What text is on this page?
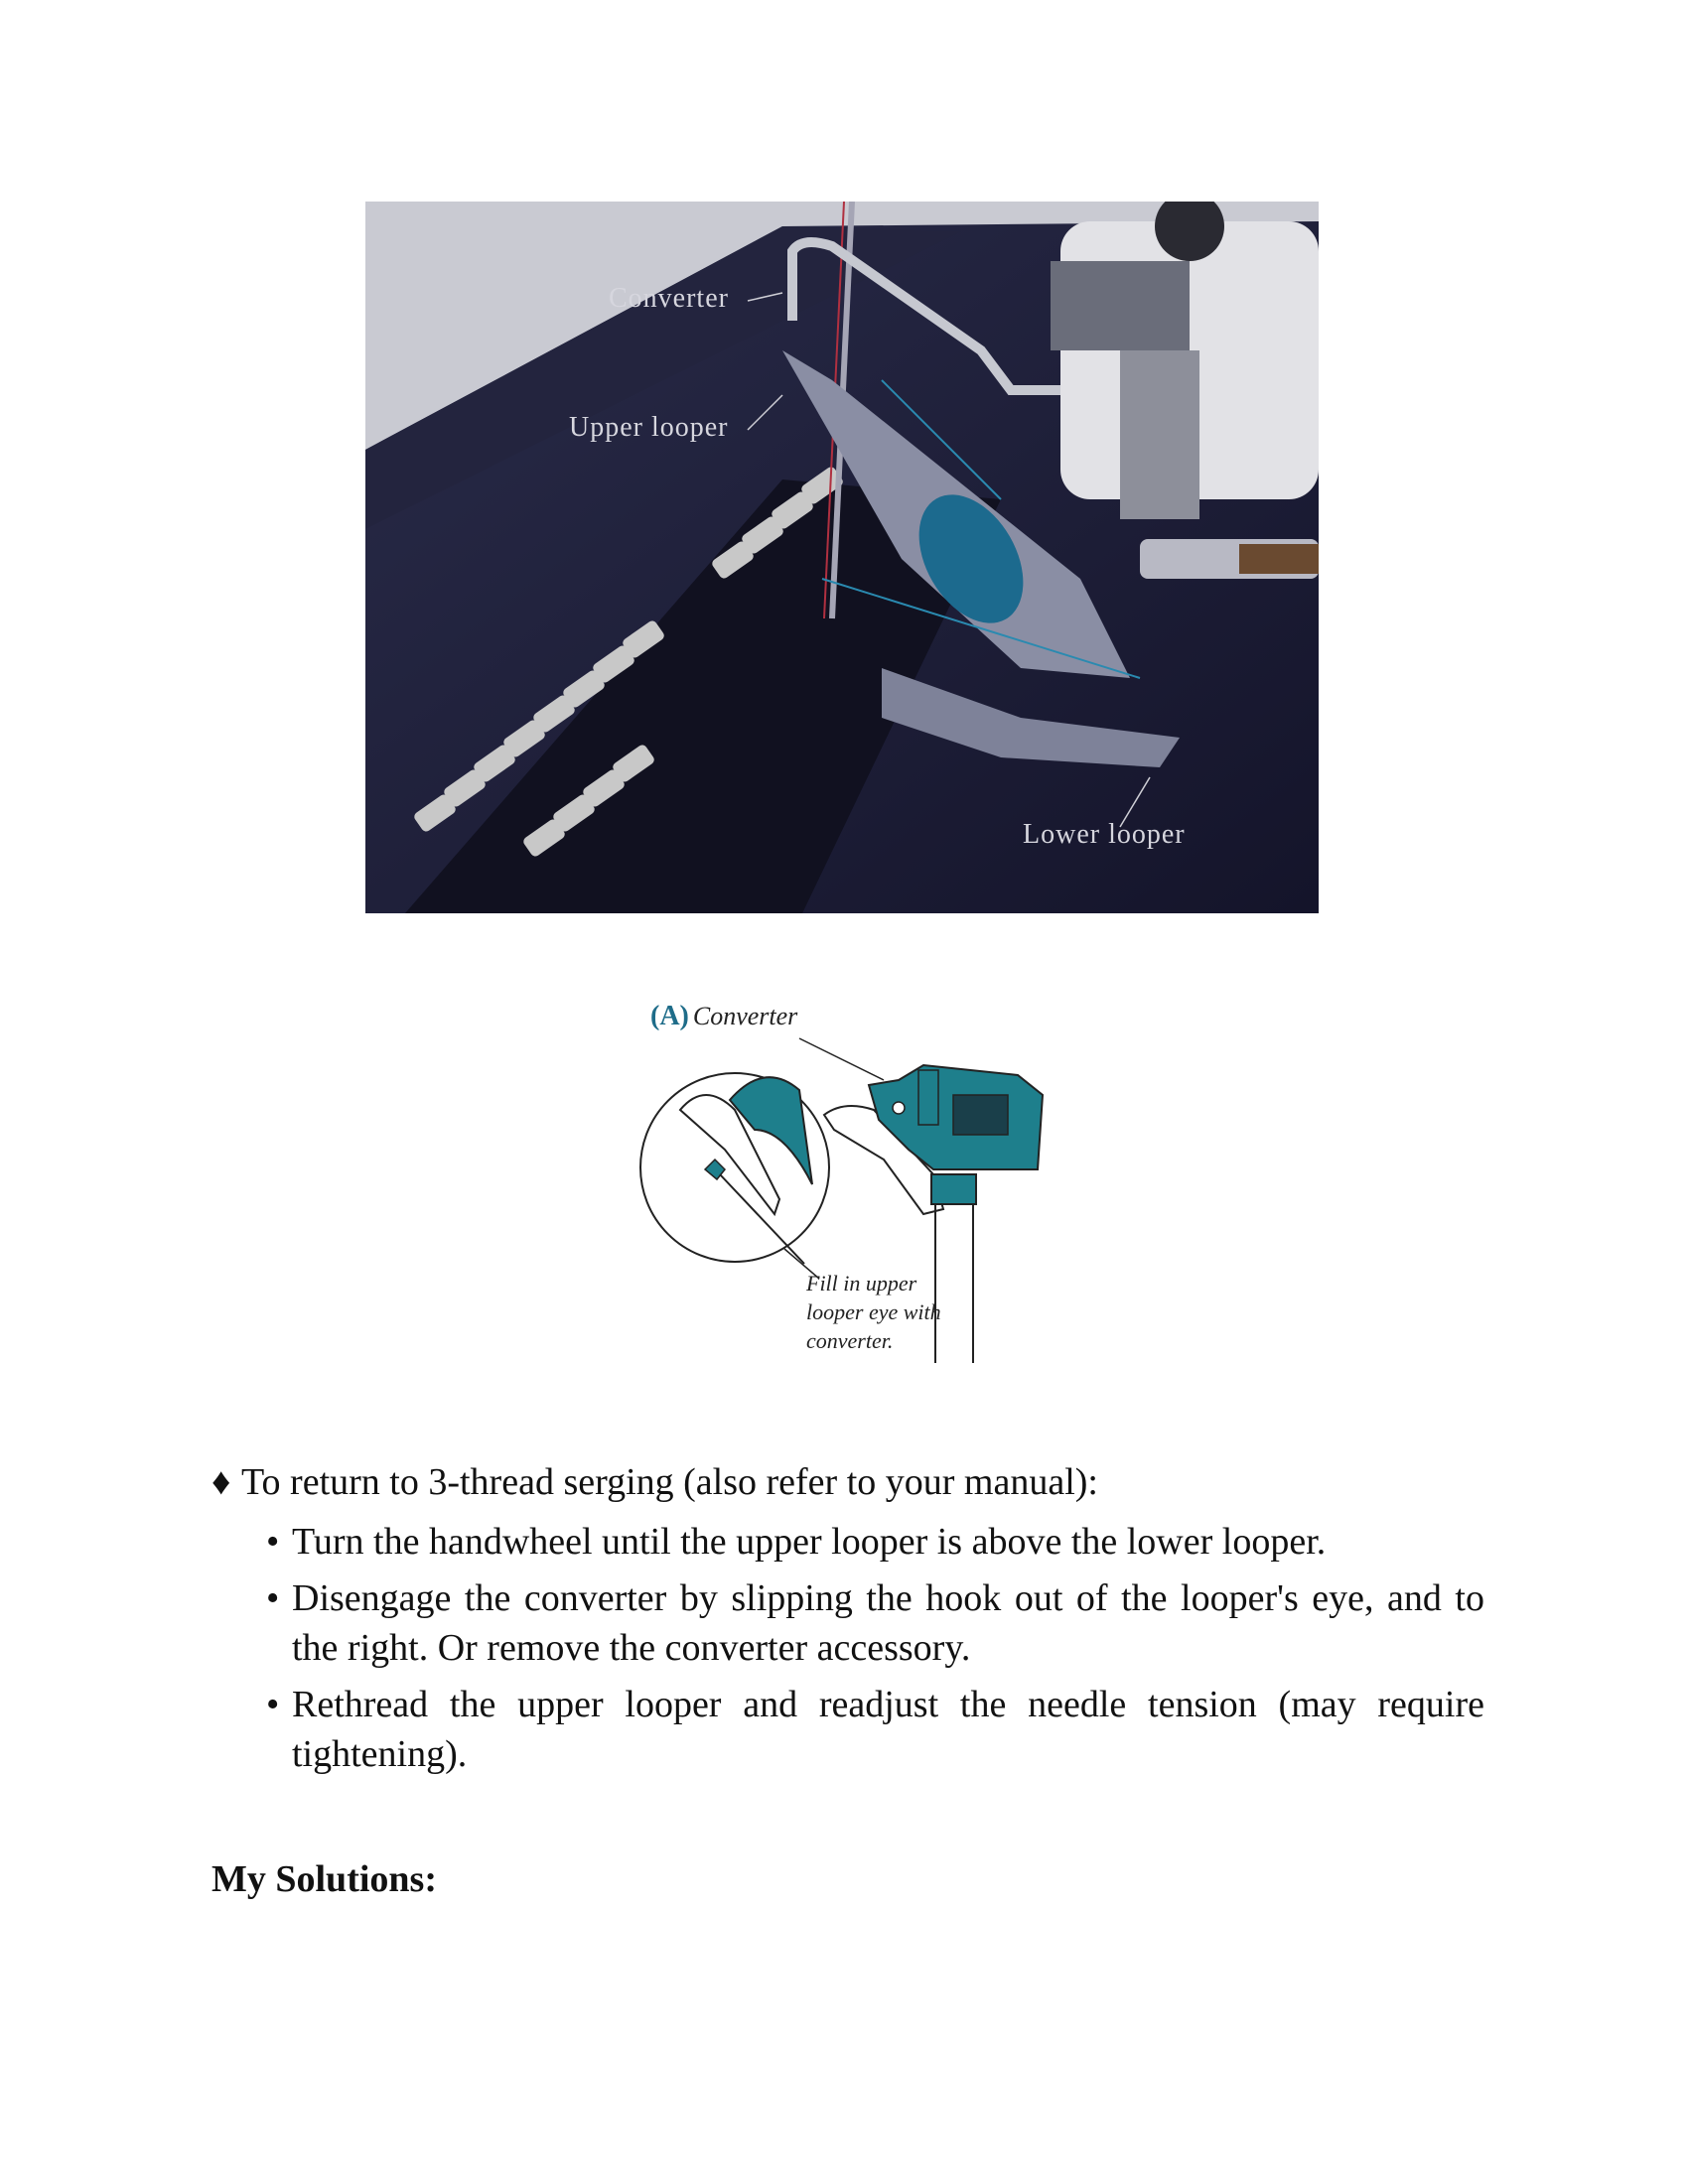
Converter
Upper looper
Lower looper
(A) Converter
Fill in upper
looper eye with
converter.

♦ To return to 3-thread serging (also refer to your manual):

• Turn the handwheel until the upper looper is above the lower looper.
• Disengage the converter by slipping the hook out of the looper's eye, and to the right. Or remove the converter accessory.
• Rethread the upper looper and readjust the needle tension (may require tightening).
My Solutions:
